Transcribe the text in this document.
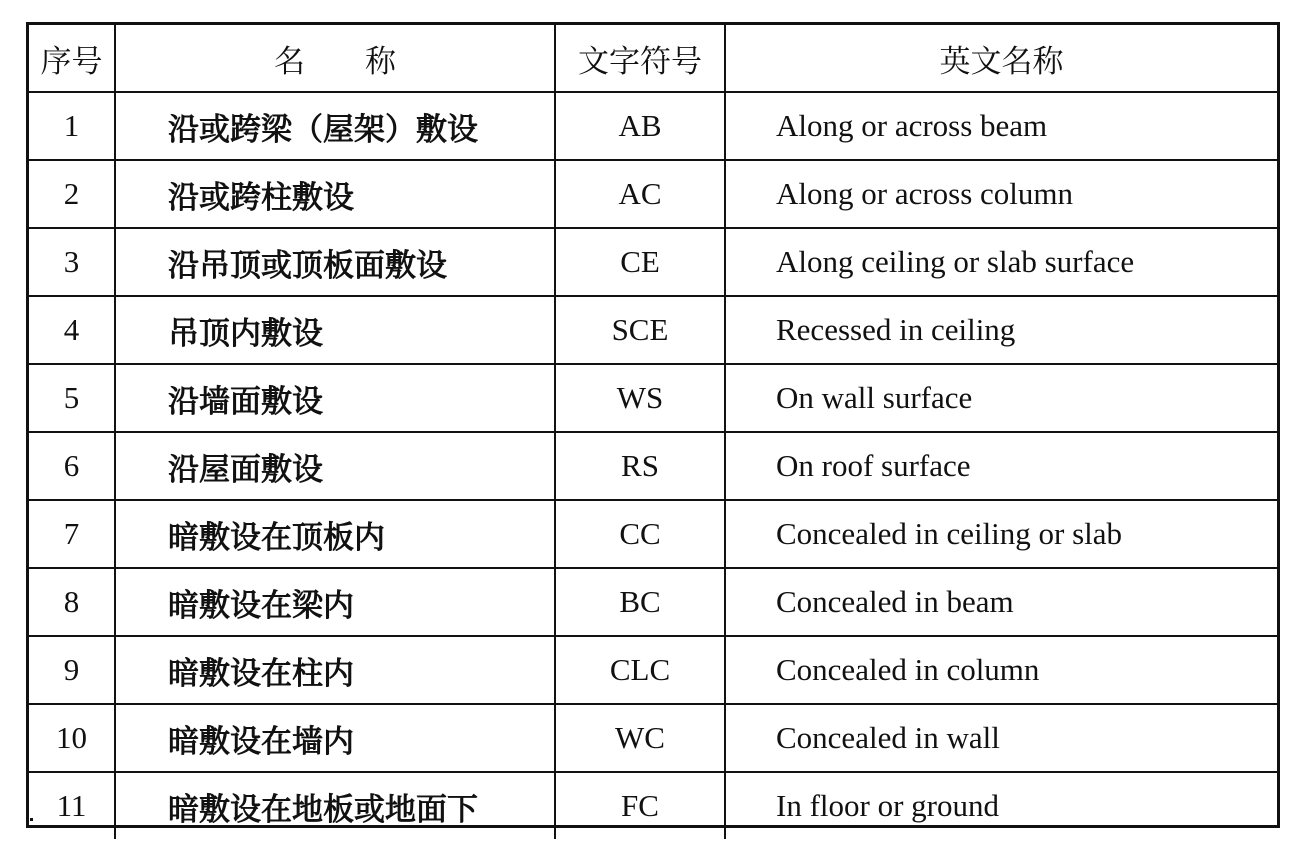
序号	名 称	文字符号	英文名称
1	沿或跨梁（屋架）敷设	AB	Along or across beam
2	沿或跨柱敷设	AC	Along or across column
3	沿吊顶或顶板面敷设	CE	Along ceiling or slab surface
4	吊顶内敷设	SCE	Recessed in ceiling
5	沿墙面敷设	WS	On wall surface
6	沿屋面敷设	RS	On roof surface
7	暗敷设在顶板内	CC	Concealed in ceiling or slab
8	暗敷设在梁内	BC	Concealed in beam
9	暗敷设在柱内	CLC	Concealed in column
10	暗敷设在墙内	WC	Concealed in wall
11	暗敷设在地板或地面下	FC	In floor or ground
